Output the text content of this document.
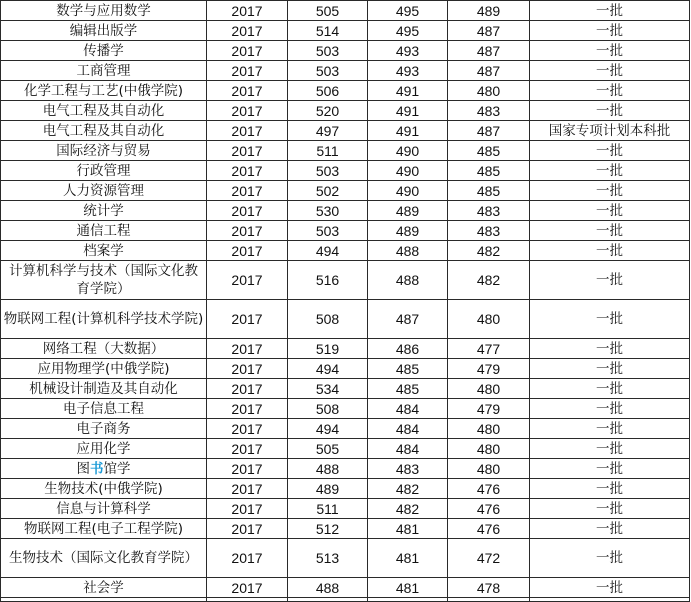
数学与应用数学	2017	505	495	489	一批
编辑出版学	2017	514	495	487	一批
传播学	2017	503	493	487	一批
工商管理	2017	503	493	487	一批
化学工程与工艺(中俄学院)	2017	506	491	480	一批
电气工程及其自动化	2017	520	491	483	一批
电气工程及其自动化	2017	497	491	487	国家专项计划本科批
国际经济与贸易	2017	511	490	485	一批
行政管理	2017	503	490	485	一批
人力资源管理	2017	502	490	485	一批
统计学	2017	530	489	483	一批
通信工程	2017	503	489	483	一批
档案学	2017	494	488	482	一批
计算机科学与技术（国际文化教育学院）	2017	516	488	482	一批
物联网工程(计算机科学技术学院)	2017	508	487	480	一批
网络工程（大数据）	2017	519	486	477	一批
应用物理学(中俄学院)	2017	494	485	479	一批
机械设计制造及其自动化	2017	534	485	480	一批
电子信息工程	2017	508	484	479	一批
电子商务	2017	494	484	480	一批
应用化学	2017	505	484	480	一批
图书馆学	2017	488	483	480	一批
生物技术(中俄学院)	2017	489	482	476	一批
信息与计算科学	2017	511	482	476	一批
物联网工程(电子工程学院)	2017	512	481	476	一批
生物技术（国际文化教育学院）	2017	513	481	472	一批
社会学	2017	488	481	478	一批
